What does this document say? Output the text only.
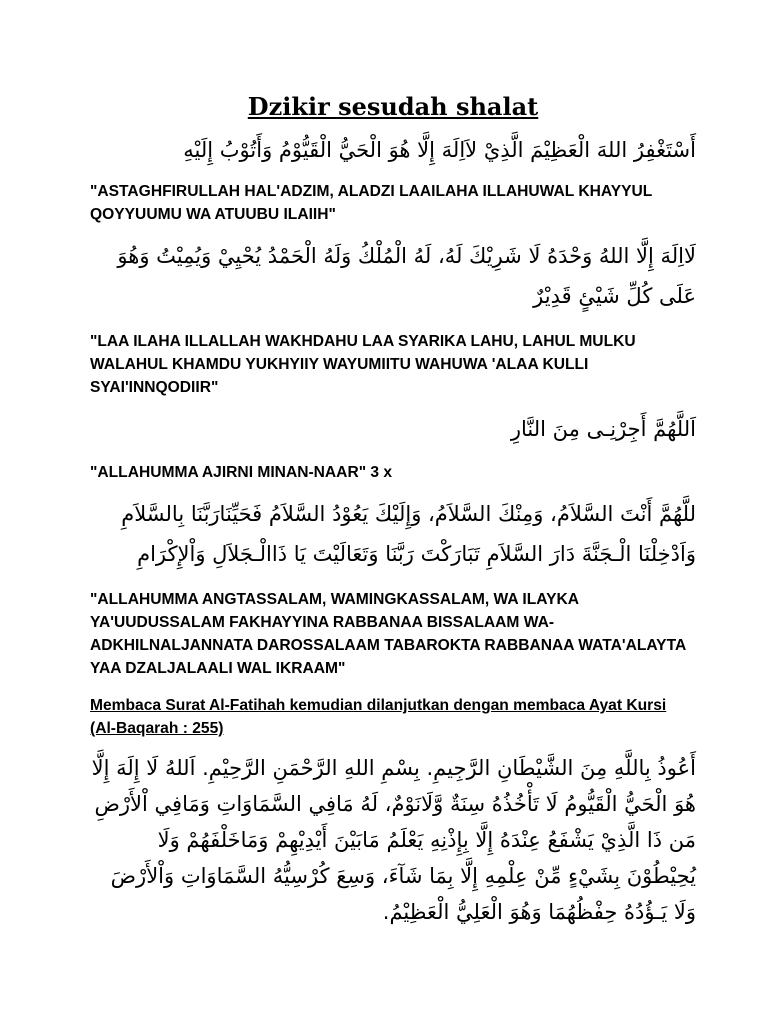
Dzikir sesudah shalat

أَسْتَغْفِرُ اللهَ الْعَظِيْمَ الَّذِيْ لاَاِلَهَ إِلَّا هُوَ الْحَيُّ الْقَيُّوْمُ وَأَتُوْبُ إِلَيْهِ

"ASTAGHFIRULLAH HAL'ADZIM, ALADZI LAAILAHA ILLAHUWAL KHAYYUL QOYYUUMU WA ATUUBU ILAIIH"

لَااِلَهَ إِلَّا اللهُ وَحْدَهُ لَا شَرِيْكَ لَهُ، لَهُ الْمُلْكُ وَلَهُ الْحَمْدُ يُحْيِيْ وَيُمِيْتُ وَهُوَ عَلَى كُلِّ شَيْئٍ قَدِيْرٌ

"LAA ILAHA ILLALLAH WAKHDAHU LAA SYARIKA LAHU, LAHUL MULKU WALAHUL KHAMDU YUKHYIIY WAYUMIITU WAHUWA 'ALAA KULLI SYAI'INNQODIIR"

اَللَّهُمَّ أَجِرْنِـى مِنَ النَّارِ

"ALLAHUMMA AJIRNI MINAN-NAAR" 3 x

للَّهُمَّ أَنْتَ السَّلاَمُ، وَمِنْكَ السَّلاَمُ، وَإِلَيْكَ يَعُوْدُ السَّلاَمُ فَحَيِّنَارَبَّنَا بِالسَّلاَمِ وَاَدْخِلْنَا الْـجَنَّةَ دَارَ السَّلاَمِ تَبَارَكْتَ رَبَّنَا وَتَعَالَيْتَ يَا ذَاالْـجَلاَلِ وَاْلإِكْرَامِ

"ALLAHUMMA ANGTASSALAM, WAMINGKASSALAM, WA ILAYKA YA'UUDUSSALAM FAKHAYYINA RABBANAA BISSALAAM WA-ADKHILNALJANNATA DAROSSALAAM TABAROKTA RABBANAA WATA'ALAYTA YAA DZALJALAALI WAL IKRAAM"

Membaca Surat Al-Fatihah kemudian dilanjutkan dengan membaca Ayat Kursi (Al-Baqarah : 255)

أَعُوذُ بِاللَّهِ مِنَ الشَّيْطَانِ الرَّجِيمِ. بِسْمِ اللهِ الرَّحْمَنِ الرَّحِيْمِ. اَللهُ لَا إِلَهَ إِلَّا هُوَ الْحَيُّ الْقَيُّومُ لَا تَأْخُذُهُ سِنَةٌ وَّلَانَوْمٌ، لَهُ مَافِي السَّمَاوَاتِ وَمَافِي اْلأَرْضِ مَن ذَا الَّذِيْ يَشْفَعُ عِنْدَهُ إِلَّا بِإِذْنِهِ يَعْلَمُ مَابَيْنَ أَيْدِيْهِمْ وَمَاخَلْفَهُمْ وَلَا يُحِيْطُوْنَ بِشَيْءٍ مِّنْ عِلْمِهِ إِلَّا بِمَا شَآءَ، وَسِعَ كُرْسِيُّهُ السَّمَاوَاتِ وَاْلأَرْضَ وَلَا يَـؤُدُهُ حِفْظُهُمَا وَهُوَ الْعَلِيُّ الْعَظِيْمُ.
